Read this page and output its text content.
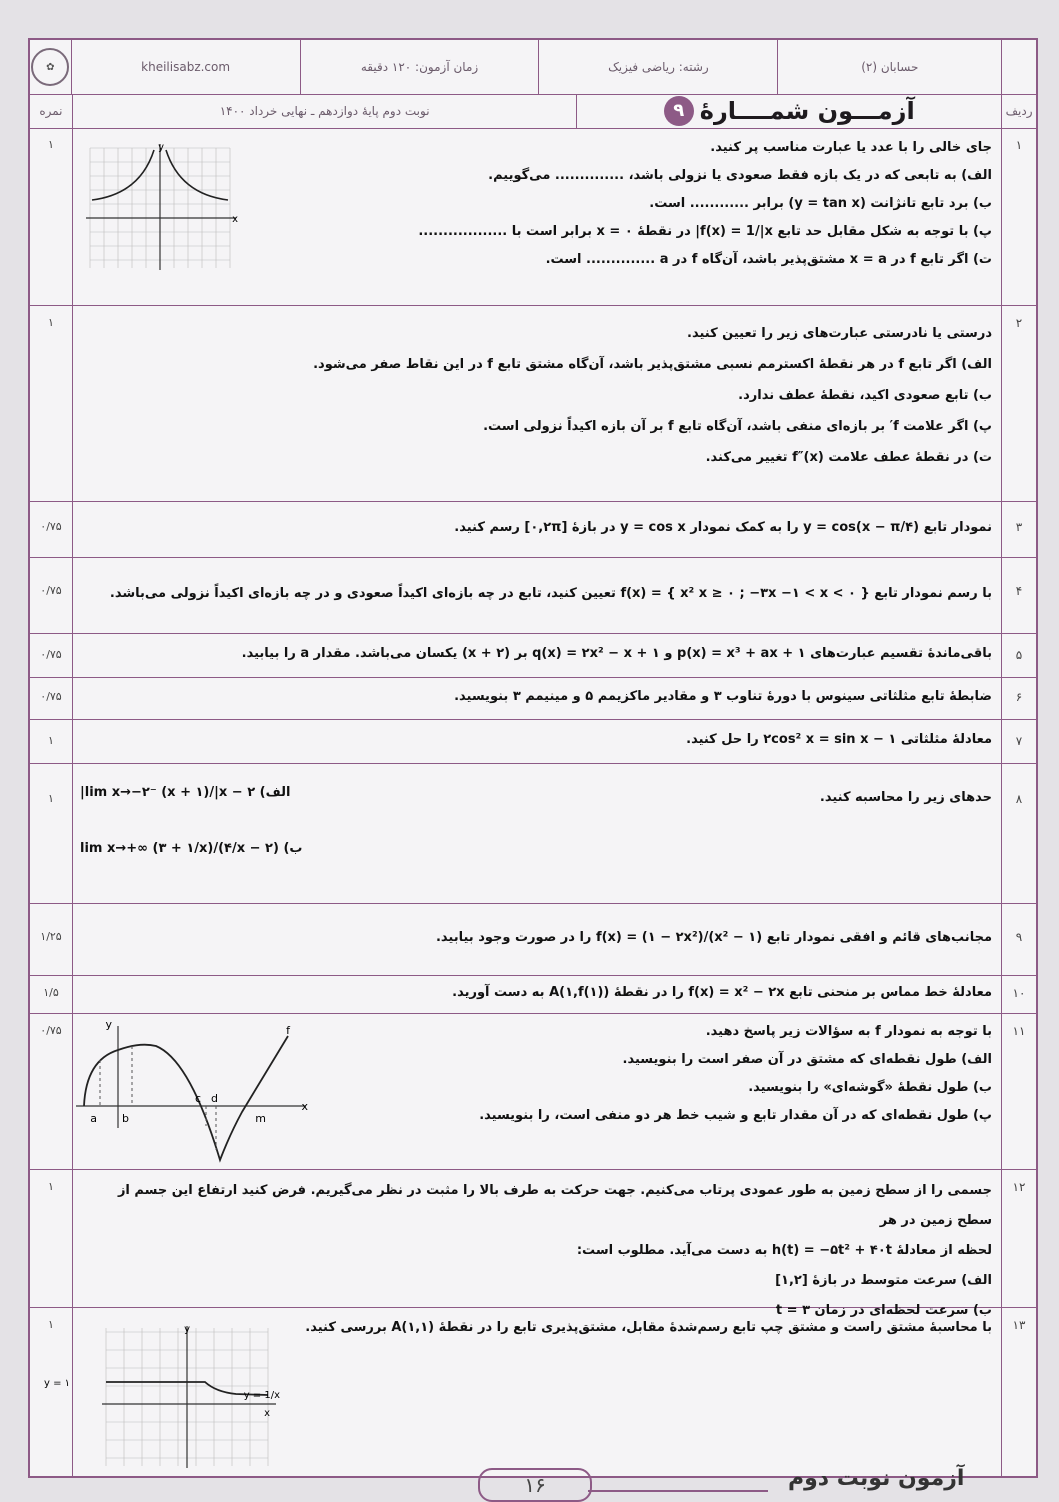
حسابان (۲)
رشته: ریاضی فیزیک
زمان آزمون: ۱۲۰ دقیقه
kheilisabz.com
✿
ردیف
آزمـــون شمــــارۀ
۹
نوبت دوم پایۀ دوازدهم ـ نهایی خرداد ۱۴۰۰
نمره
۱
۱	جای خالی را با عدد یا عبارت مناسب پر کنید.

الف) به تابعی که در یک بازه فقط صعودی یا نزولی باشد، .............. می‌گوییم.

ب) برد تابع تانژانت (y = tan x) برابر ............ است.

پ) با توجه به شکل مقابل حد تابع f(x) = 1/|x| در نقطۀ x = ۰ برابر است با ..................

ت) اگر تابع f در x = a مشتق‌پذیر باشد، آن‌گاه f در a .............. است.

y
x
۲
۱

درستی یا نادرستی عبارت‌های زیر را تعیین کنید.

الف) اگر تابع f در هر نقطۀ اکسترمم نسبی مشتق‌پذیر باشد، آن‌گاه مشتق تابع f در این نقاط صفر می‌شود.

ب) تابع صعودی اکید، نقطۀ عطف ندارد.

پ) اگر علامت f′ بر بازه‌ای منفی باشد، آن‌گاه تابع f بر آن بازه اکیداً نزولی است.

ت) در نقطۀ عطف علامت f″(x) تغییر می‌کند.

۳
۰/۷۵	نمودار تابع y = cos(x − π/۴) را به کمک نمودار y = cos x در بازۀ [۰,۲π] رسم کنید.

۴
۰/۷۵	با رسم نمودار تابع f(x) = { x² x ≥ ۰ ; −۳x −۱ < x < ۰ } تعیین کنید، تابع در چه بازه‌ای اکیداً صعودی و در چه بازه‌ای اکیداً نزولی می‌باشد.

۵
۰/۷۵	باقی‌ماندۀ تقسیم عبارت‌های p(x) = x³ + ax + ۱ و q(x) = ۲x² − x + ۱ بر (x + ۲) یکسان می‌باشد. مقدار a را بیابید.

۶
۰/۷۵	ضابطۀ تابع مثلثاتی سینوس با دورۀ تناوب ۳ و مقادیر ماکزیمم ۵ و مینیمم ۳ بنویسید.

۷
۱	معادلۀ مثلثاتی ۲cos² x = sin x − ۱ را حل کنید.

۸
۱	حدهای زیر را محاسبه کنید.

الف) lim x→−۲⁻ (x + ۱)/|x − ۲|

ب) lim x→+∞ (۳ + ۱/x)/(۴/x − ۲)

۹
۱/۲۵	مجانب‌های قائم و افقی نمودار تابع f(x) = (۱ − ۲x²)/(x² − ۱) را در صورت وجود بیابید.

۱۰
۱/۵	معادلۀ خط مماس بر منحنی تابع f(x) = x² − ۲x را در نقطۀ A(۱,f(۱)) به دست آورید.

۱۱
۰/۷۵	با توجه به نمودار f به سؤالات زیر پاسخ دهید.

الف) طول نقطه‌ای که مشتق در آن صفر است را بنویسید.

ب) طول نقطۀ «گوشه‌ای» را بنویسید.

پ) طول نقطه‌ای که در آن مقدار تابع و شیب خط هر دو منفی است، را بنویسید.

a b
c d
m
f
x
y
۱۲
۱	جسمی را از سطح زمین به طور عمودی پرتاب می‌کنیم. جهت حرکت به طرف بالا را مثبت در نظر می‌گیریم. فرض کنید ارتفاع این جسم از سطح زمین در هر

لحظه از معادلۀ h(t) = −۵t² + ۴۰t به دست می‌آید. مطلوب است:

الف) سرعت متوسط در بازۀ [۱,۲]

ب) سرعت لحظه‌ای در زمان t = ۳

۱۳
۱	با محاسبۀ مشتق راست و مشتق چپ تابع رسم‌شدۀ مقابل، مشتق‌پذیری تابع را در نقطۀ A(۱,۱) بررسی کنید.

y = ۱
y = 1/x
y
x
۱۶	آزمون نوبت دوم
